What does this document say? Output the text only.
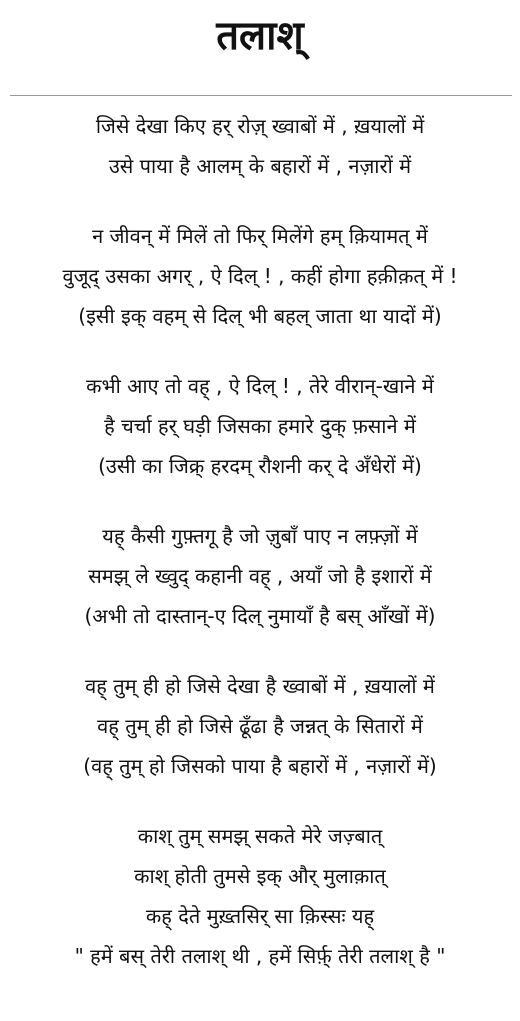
तलाश्
जिसे देखा किए हर् रोज़् ख्वाबों में , ख़यालों में
उसे पाया है आलम् के बहारों में , नज़ारों में
न जीवन् में मिलें तो फिर् मिलेंगे हम् क़ियामत् में
वुजूद् उसका अगर् , ऐ दिल् ! , कहीं होगा हक़ीक़त् में !
(इसी इक् वहम् से दिल् भी बहल् जाता था यादों में)
कभी आए तो वह् , ऐ दिल् ! , तेरे वीरान्-खाने में
है चर्चा हर् घड़ी जिसका हमारे दुक् फ़साने में
(उसी का जिक्र् हरदम् रौशनी कर् दे अँधेरों में)
यह् कैसी गुफ़्तगू है जो ज़ुबाँ पाए न लफ़्ज़ों में
समझ् ले ख्वुद् कहानी वह् , अयाँ जो है इशारों में
(अभी तो दास्तान्-ए दिल् नुमायाँ है बस् आँखों में)
वह् तुम् ही हो जिसे देखा है ख्वाबों में , ख़यालों में
वह् तुम् ही हो जिसे ढूँढा है जन्नत् के सितारों में
(वह् तुम् हो जिसको पाया है बहारों में , नज़ारों में)
काश् तुम् समझ् सकते मेरे जज़्बात्
काश् होती तुमसे इक् और् मुलाक़ात्
कह् देते मुख़्तसिर् सा क़िस्सः यह्
" हमें बस् तेरी तलाश् थी , हमें सिर्फ़् तेरी तलाश् है "
